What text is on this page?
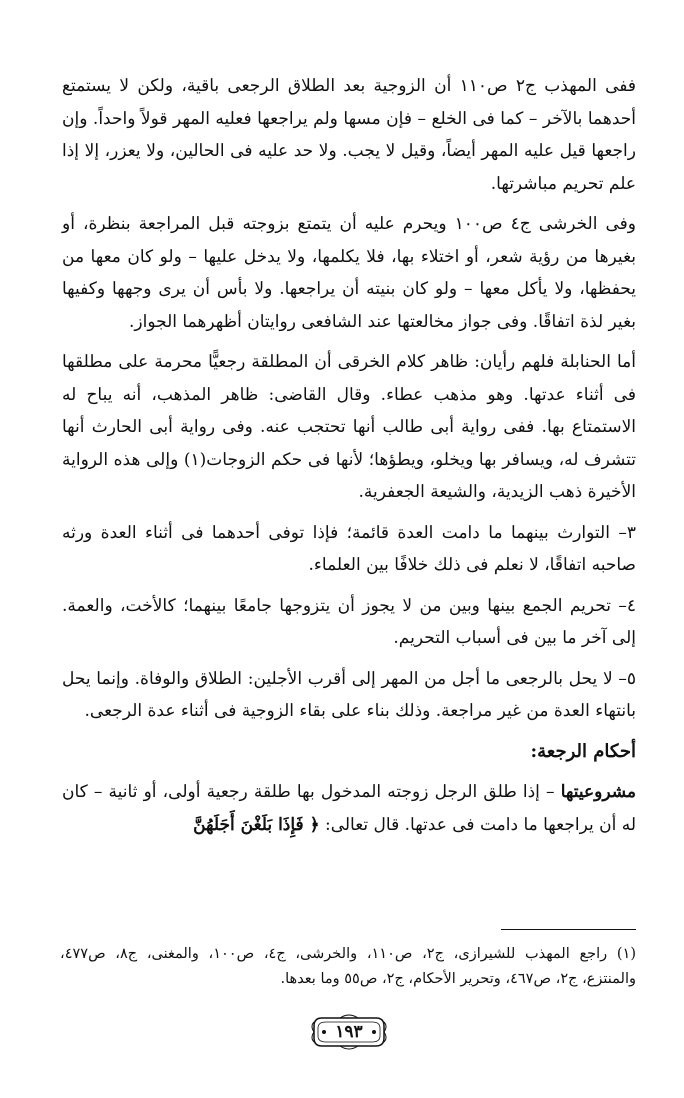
ففى المهذب ج٢ ص١١٠ أن الزوجية بعد الطلاق الرجعى باقية، ولكن لا يستمتع أحدهما بالآخر – كما فى الخلع – فإن مسها ولم يراجعها فعليه المهر قولاً واحداً. وإن راجعها قيل عليه المهر أيضاً، وقيل لا يجب. ولا حد عليه فى الحالين، ولا يعزر، إلا إذا علم تحريم مباشرتها.

وفى الخرشى ج٤ ص١٠٠ ويحرم عليه أن يتمتع بزوجته قبل المراجعة بنظرة، أو بغيرها من رؤية شعر، أو اختلاء بها، فلا يكلمها، ولا يدخل عليها – ولو كان معها من يحفظها، ولا يأكل معها – ولو كان بنيته أن يراجعها. ولا بأس أن يرى وجهها وكفيها بغير لذة اتفاقًا. وفى جواز مخالعتها عند الشافعى روايتان أظهرهما الجواز.

أما الحنابلة فلهم رأيان: ظاهر كلام الخرقى أن المطلقة رجعيًّا محرمة على مطلقها فى أثناء عدتها. وهو مذهب عطاء. وقال القاضى: ظاهر المذهب، أنه يباح له الاستمتاع بها. ففى رواية أبى طالب أنها تحتجب عنه. وفى رواية أبى الحارث أنها تتشرف له، ويسافر بها ويخلو، ويطؤها؛ لأنها فى حكم الزوجات(١) وإلى هذه الرواية الأخيرة ذهب الزيدية، والشيعة الجعفرية.

٣– التوارث بينهما ما دامت العدة قائمة؛ فإذا توفى أحدهما فى أثناء العدة ورثه صاحبه اتفاقًا، لا نعلم فى ذلك خلافًا بين العلماء.

٤– تحريم الجمع بينها وبين من لا يجوز أن يتزوجها جامعًا بينهما؛ كالأخت، والعمة. إلى آخر ما بين فى أسباب التحريم.

٥– لا يحل بالرجعى ما أجل من المهر إلى أقرب الأجلين: الطلاق والوفاة. وإنما يحل بانتهاء العدة من غير مراجعة. وذلك بناء على بقاء الزوجية فى أثناء عدة الرجعى.

أحكام الرجعة:

مشروعيتها – إذا طلق الرجل زوجته المدخول بها طلقة رجعية أولى، أو ثانية – كان له أن يراجعها ما دامت فى عدتها. قال تعالى: ﴿ فَإِذَا بَلَغْنَ أَجَلَهُنَّ

(١) راجع المهذب للشيرازى، ج٢، ص١١٠، والخرشى، ج٤، ص١٠٠، والمغنى، ج٨، ص٤٧٧، والمنتزع، ج٢، ص٤٦٧، وتحرير الأحكام، ج٢، ص٥٥ وما بعدها.

١٩٣
